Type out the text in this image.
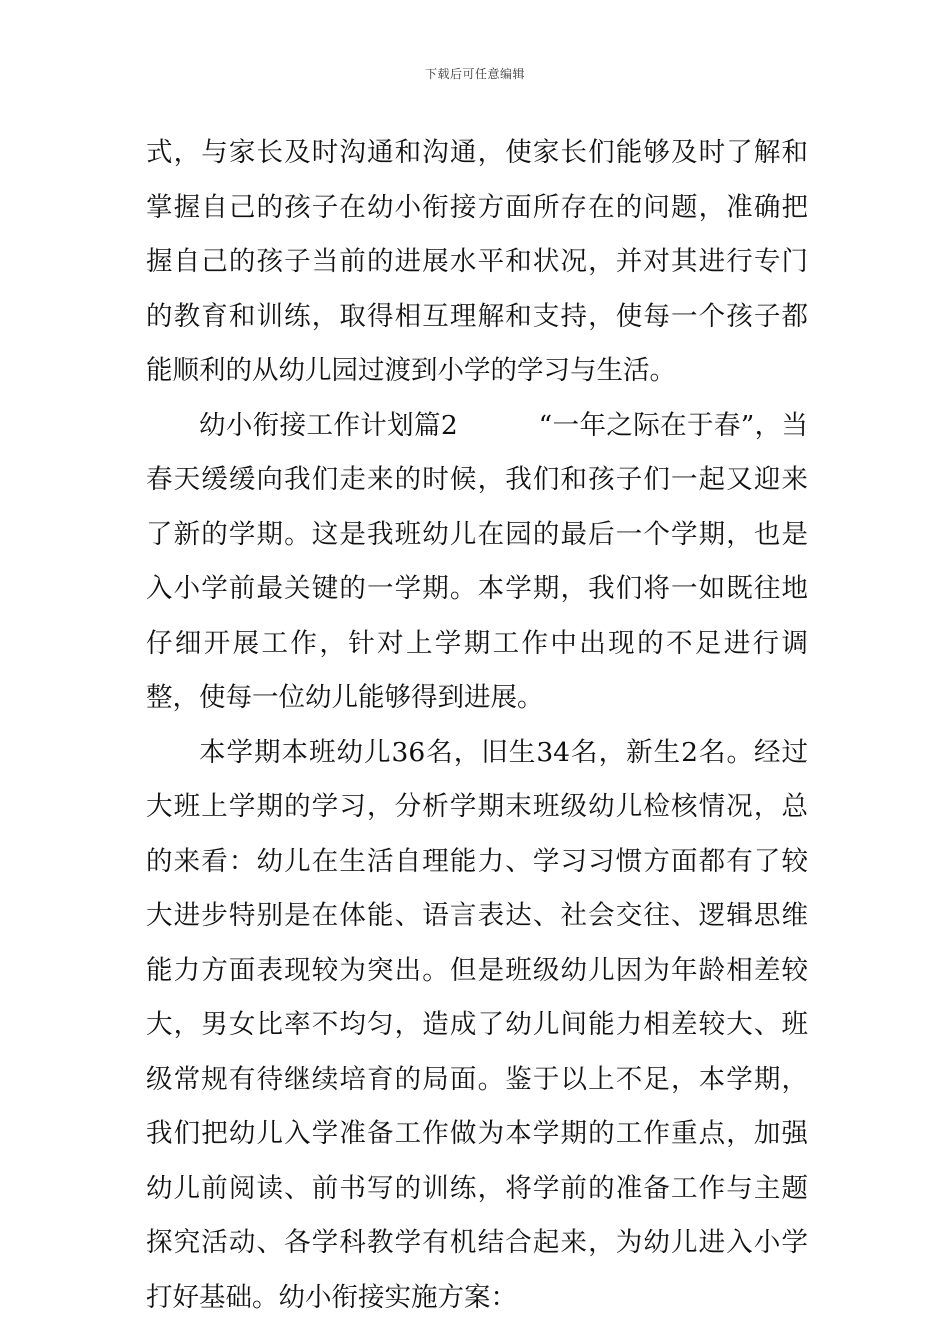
下载后可任意编辑

式，与家长及时沟通和沟通，使家长们能够及时了解和掌握自己的孩子在幼小衔接方面所存在的问题，准确把握自己的孩子当前的进展水平和状况，并对其进行专门的教育和训练，取得相互理解和支持，使每一个孩子都能顺利的从幼儿园过渡到小学的学习与生活。

幼小衔接工作计划篇2　　　“一年之际在于春”，当春天缓缓向我们走来的时候，我们和孩子们一起又迎来了新的学期。这是我班幼儿在园的最后一个学期，也是入小学前最关键的一学期。本学期，我们将一如既往地仔细开展工作，针对上学期工作中出现的不足进行调整，使每一位幼儿能够得到进展。

本学期本班幼儿36名，旧生34名，新生2名。经过大班上学期的学习，分析学期末班级幼儿检核情况，总的来看：幼儿在生活自理能力、学习习惯方面都有了较大进步特别是在体能、语言表达、社会交往、逻辑思维能力方面表现较为突出。但是班级幼儿因为年龄相差较大，男女比率不均匀，造成了幼儿间能力相差较大、班级常规有待继续培育的局面。鉴于以上不足，本学期，我们把幼儿入学准备工作做为本学期的工作重点，加强幼儿前阅读、前书写的训练，将学前的准备工作与主题探究活动、各学科教学有机结合起来，为幼儿进入小学打好基础。幼小衔接实施方案：
